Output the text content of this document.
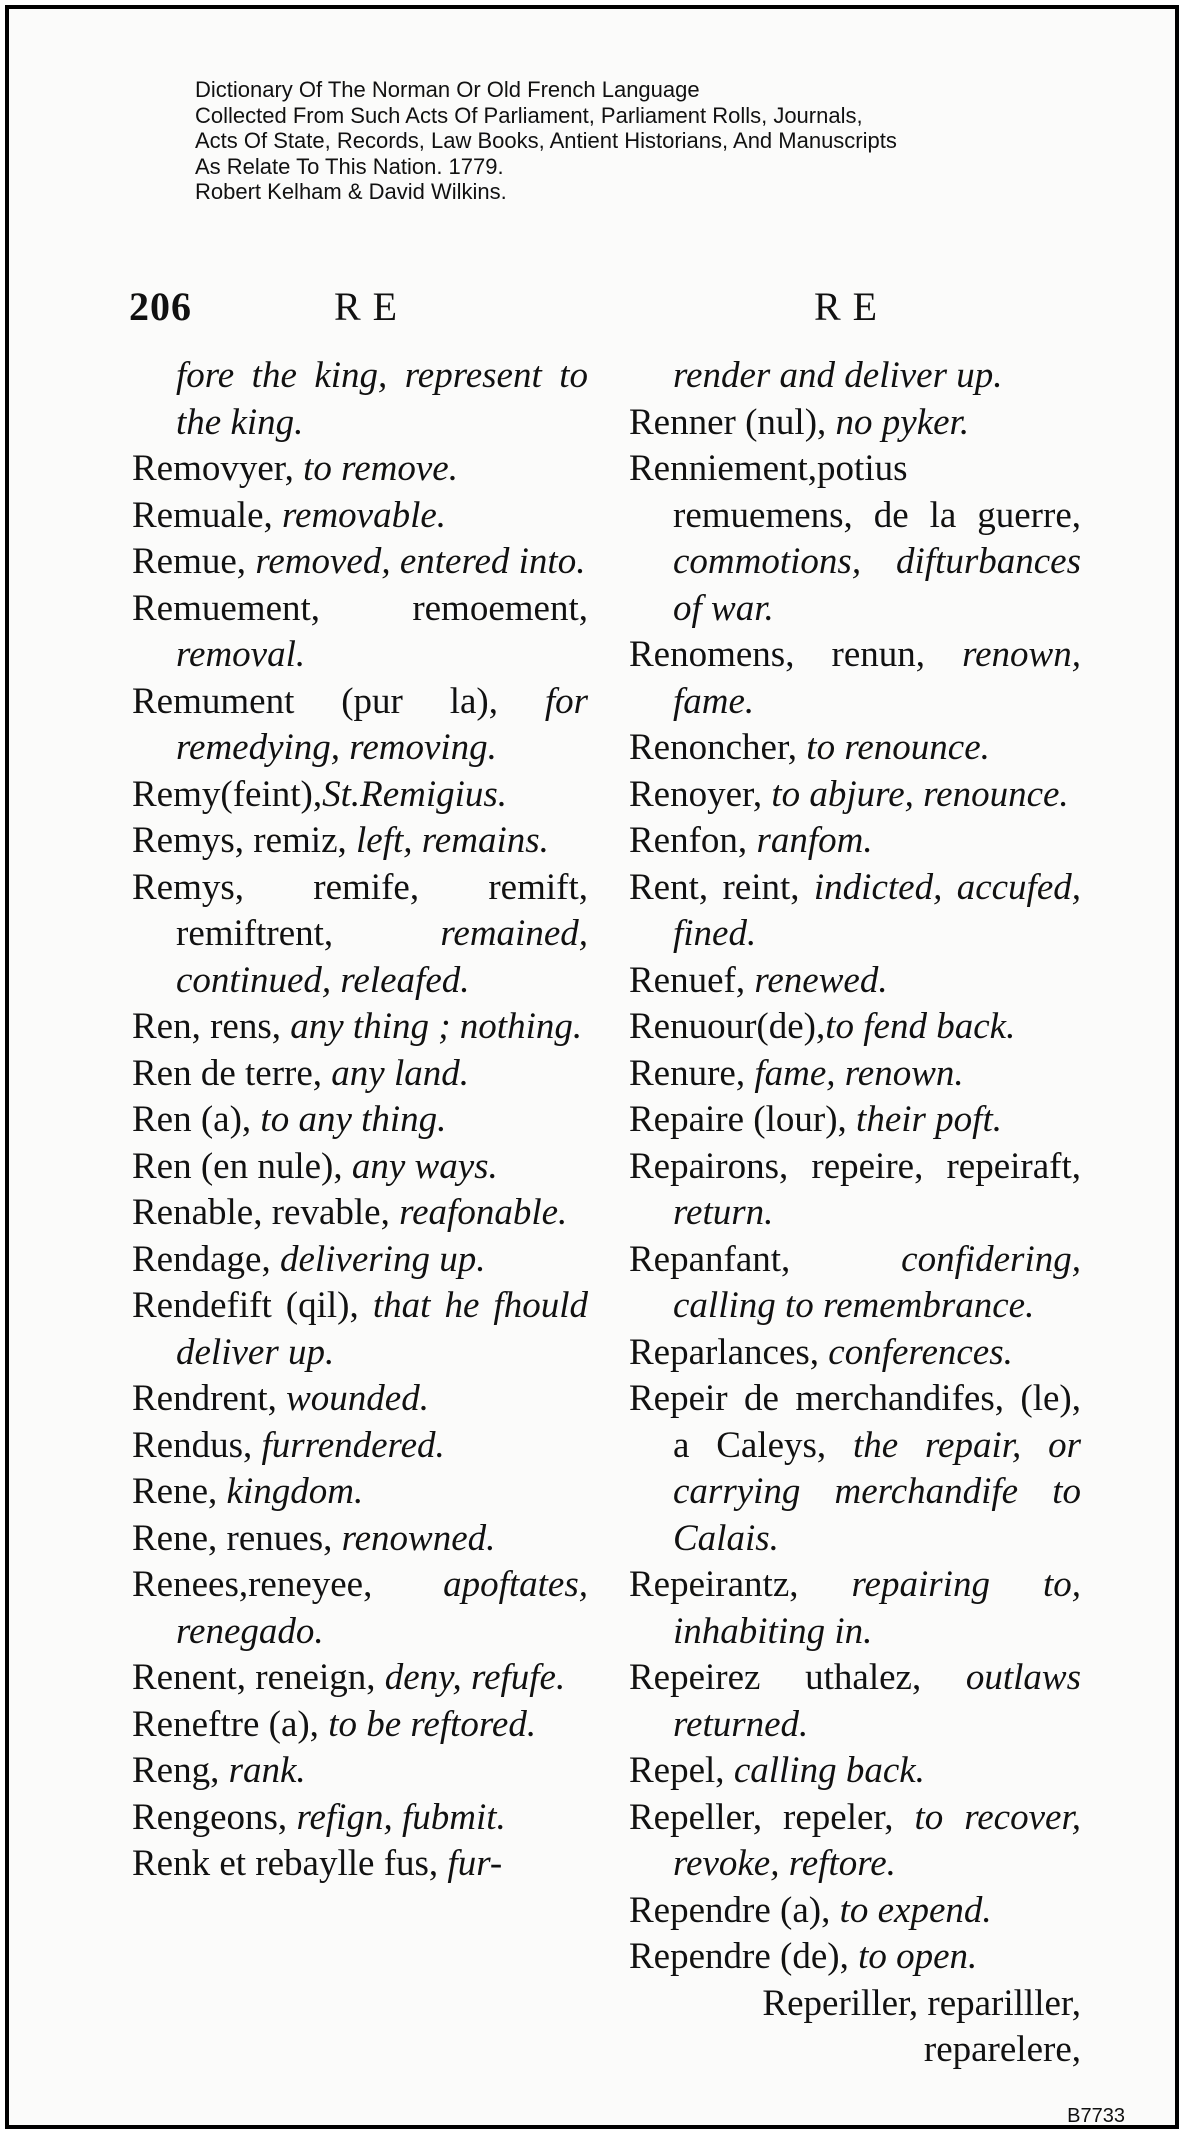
Dictionary Of The Norman Or Old French Language
Collected From Such Acts Of Parliament, Parliament Rolls, Journals,
Acts Of State, Records, Law Books, Antient Historians, And Manuscripts
As Relate To This Nation. 1779.
Robert Kelham & David Wilkins.
206	RE	RE

fore the king, represent to the king.

Removyer, to remove.

Remuale, removable.

Remue, removed, entered into.

Remuement, remoement, removal.

Remument (pur la), for remedying, removing.

Remy(feint),St.Remigius.

Remys, remiz, left, remains.

Remys, remife, remift, remiftrent, remained, continued, releafed.

Ren, rens, any thing ; nothing.

Ren de terre, any land.

Ren (a), to any thing.

Ren (en nule), any ways.

Renable, revable, reafonable.

Rendage, delivering up.

Rendefift (qil), that he fhould deliver up.

Rendrent, wounded.

Rendus, furrendered.

Rene, kingdom.

Rene, renues, renowned.

Renees,reneyee, apoftates, renegado.

Renent, reneign, deny, refufe.

Reneftre (a), to be reftored.

Reng, rank.

Rengeons, refign, fubmit.

Renk et rebaylle fus, fur-

render and deliver up.

Renner (nul), no pyker.

Renniement,potius remuemens, de la guerre, commotions, difturbances of war.

Renomens, renun, renown, fame.

Renoncher, to renounce.

Renoyer, to abjure, renounce.

Renfon, ranfom.

Rent, reint, indicted, accufed, fined.

Renuef, renewed.

Renuour(de),to fend back.

Renure, fame, renown.

Repaire (lour), their poft.

Repairons, repeire, repeiraft, return.

Repanfant, confidering, calling to remembrance.

Reparlances, conferences.

Repeir de merchandifes, (le), a Caleys, the repair, or carrying merchandife to Calais.

Repeirantz, repairing to, inhabiting in.

Repeirez uthalez, outlaws returned.

Repel, calling back.

Repeller, repeler, to recover, revoke, reftore.

Rependre (a), to expend.

Rependre (de), to open.

Reperiller, reparilller, reparelere,

B7733
